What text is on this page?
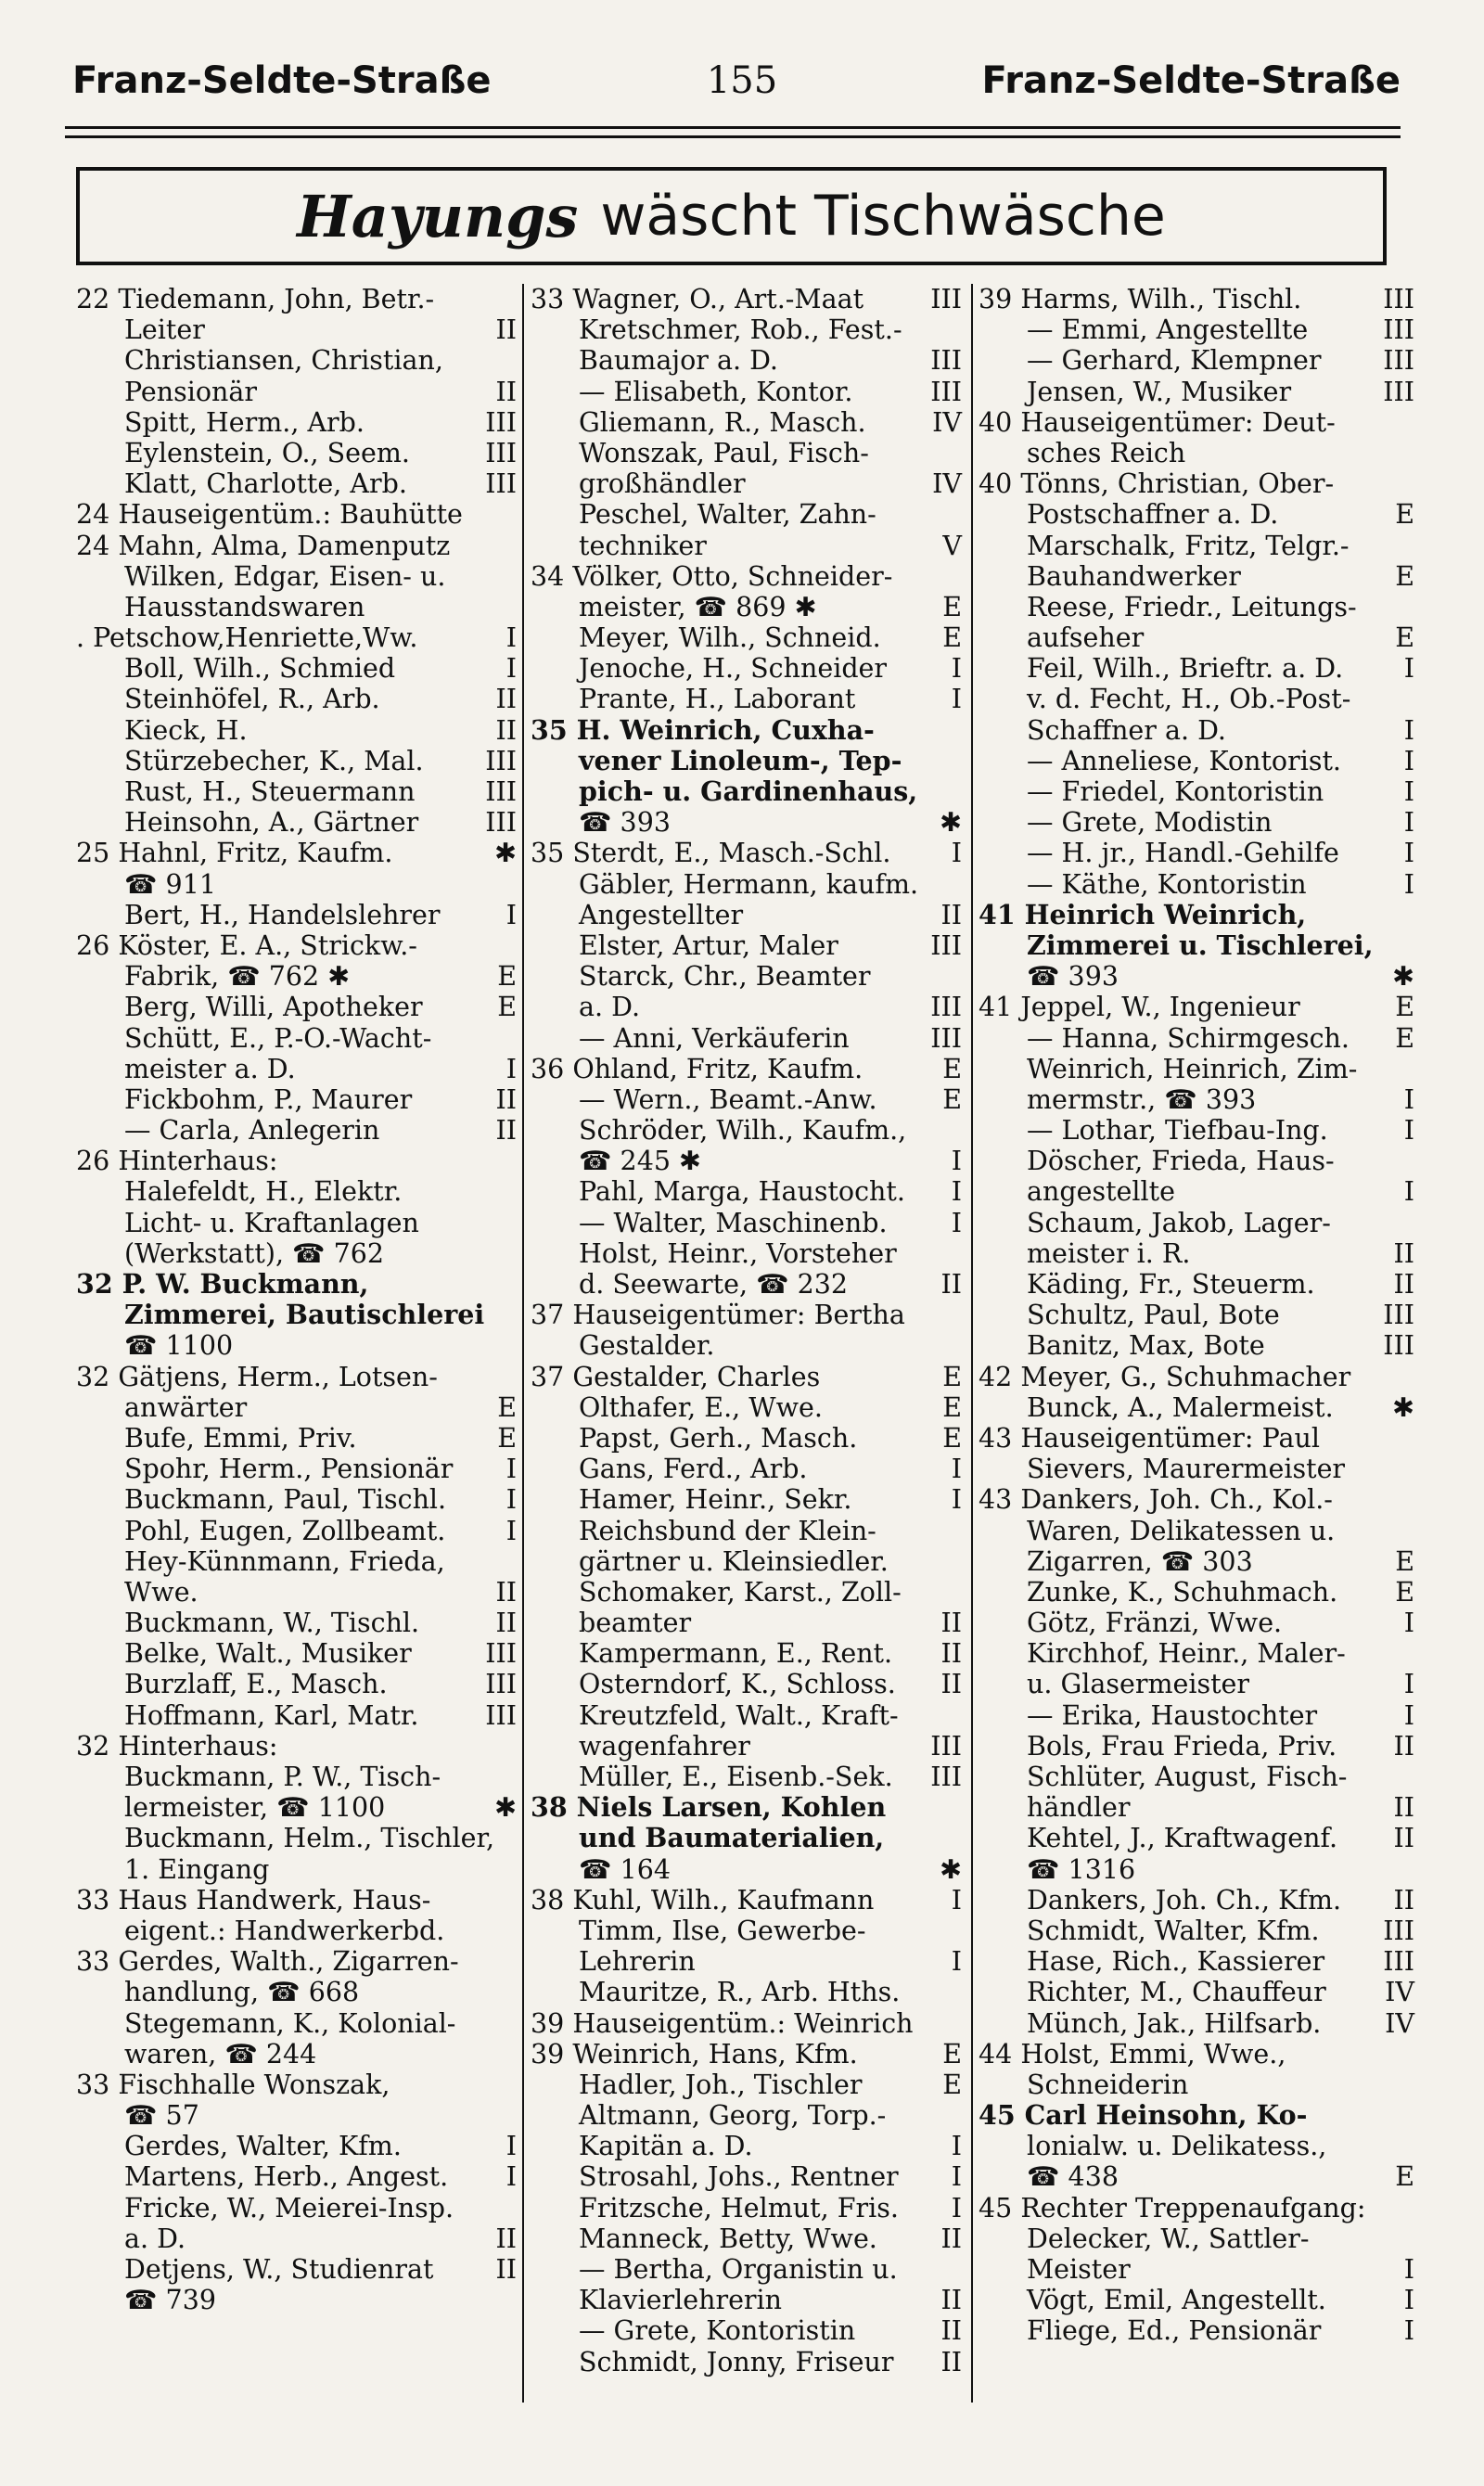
Franz-Seldte-Straße	155	Franz-Seldte-Straße
Hayungs wäscht Tischwäsche
22 Tiedemann, John, Betr.-
Leiter	II
Christiansen, Christian,
Pensionär	II
Spitt, Herm., Arb.	III
Eylenstein, O., Seem.	III
Klatt, Charlotte, Arb.	III
24 Hauseigentüm.: Bauhütte
24 Mahn, Alma, Damenputz
Wilken, Edgar, Eisen- u.
Hausstandswaren
. Petschow,Henriette,Ww.	I
Boll, Wilh., Schmied	I
Steinhöfel, R., Arb.	II
Kieck, H.	II
Stürzebecher, K., Mal. III
Rust, H., Steuermann	III
Heinsohn, A., Gärtner	III
25 Hahnl, Fritz, Kaufm.	✱
☎ 911
Bert, H., Handelslehrer I
26 Köster, E. A., Strickw.-
Fabrik, ☎ 762 ✱	E
Berg, Willi, Apotheker	E
Schütt, E., P.-O.-Wacht-
meister a. D.	I
Fickbohm, P., Maurer	II
— Carla, Anlegerin	II
26 Hinterhaus:
Halefeldt, H., Elektr.
Licht- u. Kraftanlagen
(Werkstatt), ☎ 762
32 P. W. Buckmann,
Zimmerei, Bautischlerei
☎ 1100
32 Gätjens, Herm., Lotsen-
anwärter	E
Bufe, Emmi, Priv.	E
Spohr, Herm., Pensionär I
Buckmann, Paul, Tischl. I
Pohl, Eugen, Zollbeamt. I
Hey-Künnmann, Frieda,
Wwe.	II
Buckmann, W., Tischl.	II
Belke, Walt., Musiker	III
Burzlaff, E., Masch.	III
Hoffmann, Karl, Matr.	III
32 Hinterhaus:
Buckmann, P. W., Tisch-
lermeister, ☎ 1100	✱
Buckmann, Helm., Tischler,
1. Eingang
33 Haus Handwerk, Haus-
eigent.: Handwerkerbd.
33 Gerdes, Walth., Zigarren-
handlung, ☎ 668
Stegemann, K., Kolonial-
waren, ☎ 244
33 Fischhalle Wonszak,
☎ 57
Gerdes, Walter, Kfm.	I
Martens, Herb., Angest. I
Fricke, W., Meierei-Insp.
a. D.	II
Detjens, W., Studienrat II
☎ 739
33 Wagner, O., Art.-Maat	III
Kretschmer, Rob., Fest.-
Baumajor a. D.	III
— Elisabeth, Kontor.	III
Gliemann, R., Masch.	IV
Wonszak, Paul, Fisch-
großhändler	IV
Peschel, Walter, Zahn-
techniker	V
34 Völker, Otto, Schneider-
meister, ☎ 869 ✱	E
Meyer, Wilh., Schneid. E
Jenoche, H., Schneider I
Prante, H., Laborant	I
35 H. Weinrich, Cuxha-
vener Linoleum-, Tep-
pich- u. Gardinenhaus,
☎ 393	✱
35 Sterdt, E., Masch.-Schl. I
Gäbler, Hermann, kaufm.
Angestellter	II
Elster, Artur, Maler	III
Starck, Chr., Beamter
a. D.	III
— Anni, Verkäuferin	III
36 Ohland, Fritz, Kaufm.	E
— Wern., Beamt.-Anw. E
Schröder, Wilh., Kaufm.,
☎ 245 ✱	I
Pahl, Marga, Haustocht. I
— Walter, Maschinenb. I
Holst, Heinr., Vorsteher
d. Seewarte, ☎ 232	II
37 Hauseigentümer: Bertha
Gestalder.
37 Gestalder, Charles	E
Olthafer, E., Wwe.	E
Papst, Gerh., Masch.	E
Gans, Ferd., Arb.	I
Hamer, Heinr., Sekr.	I
Reichsbund der Klein-
gärtner u. Kleinsiedler.
Schomaker, Karst., Zoll-
beamter	II
Kampermann, E., Rent. II
Osterndorf, K., Schloss. II
Kreutzfeld, Walt., Kraft-
wagenfahrer	III
Müller, E., Eisenb.-Sek. III
38 Niels Larsen, Kohlen
und Baumaterialien,
☎ 164	✱
38 Kuhl, Wilh., Kaufmann	I
Timm, Ilse, Gewerbe-
Lehrerin	I
Mauritze, R., Arb. Hths.
39 Hauseigentüm.: Weinrich
39 Weinrich, Hans, Kfm.	E
Hadler, Joh., Tischler	E
Altmann, Georg, Torp.-
Kapitän a. D.	I
Strosahl, Johs., Rentner I
Fritzsche, Helmut, Fris. I
Manneck, Betty, Wwe. II
— Bertha, Organistin u.
Klavierlehrerin	II
— Grete, Kontoristin	II
Schmidt, Jonny, Friseur II
39 Harms, Wilh., Tischl.	III
— Emmi, Angestellte	III
— Gerhard, Klempner III
Jensen, W., Musiker	III
40 Hauseigentümer: Deut-
sches Reich
40 Tönns, Christian, Ober-
Postschaffner a. D.	E
Marschalk, Fritz, Telgr.-
Bauhandwerker	E
Reese, Friedr., Leitungs-
aufseher	E
Feil, Wilh., Brieftr. a. D. I
v. d. Fecht, H., Ob.-Post-
Schaffner a. D.	I
— Anneliese, Kontorist. I
— Friedel, Kontoristin	I
— Grete, Modistin	I
— H. jr., Handl.-Gehilfe I
— Käthe, Kontoristin	I
41 Heinrich Weinrich,
Zimmerei u. Tischlerei,
☎ 393	✱
41 Jeppel, W., Ingenieur	E
— Hanna, Schirmgesch. E
Weinrich, Heinrich, Zim-
mermstr., ☎ 393	I
— Lothar, Tiefbau-Ing.	I
Döscher, Frieda, Haus-
angestellte	I
Schaum, Jakob, Lager-
meister i. R.	II
Käding, Fr., Steuerm.	II
Schultz, Paul, Bote	III
Banitz, Max, Bote	III
42 Meyer, G., Schuhmacher
Bunck, A., Malermeist. ✱
43 Hauseigentümer: Paul
Sievers, Maurermeister
43 Dankers, Joh. Ch., Kol.-
Waren, Delikatessen u.
Zigarren, ☎ 303	E
Zunke, K., Schuhmach. E
Götz, Fränzi, Wwe.	I
Kirchhof, Heinr., Maler-
u. Glasermeister	I
— Erika, Haustochter	I
Bols, Frau Frieda, Priv. II
Schlüter, August, Fisch-
händler	II
Kehtel, J., Kraftwagenf. II
☎ 1316
Dankers, Joh. Ch., Kfm. II
Schmidt, Walter, Kfm. III
Hase, Rich., Kassierer III
Richter, M., Chauffeur IV
Münch, Jak., Hilfsarb. IV
44 Holst, Emmi, Wwe.,
Schneiderin
45 Carl Heinsohn, Ko-
lonialw. u. Delikatess.,
☎ 438	E
45 Rechter Treppenaufgang:
Delecker, W., Sattler-
Meister	I
Vögt, Emil, Angestellt.	I
Fliege, Ed., Pensionär	I
